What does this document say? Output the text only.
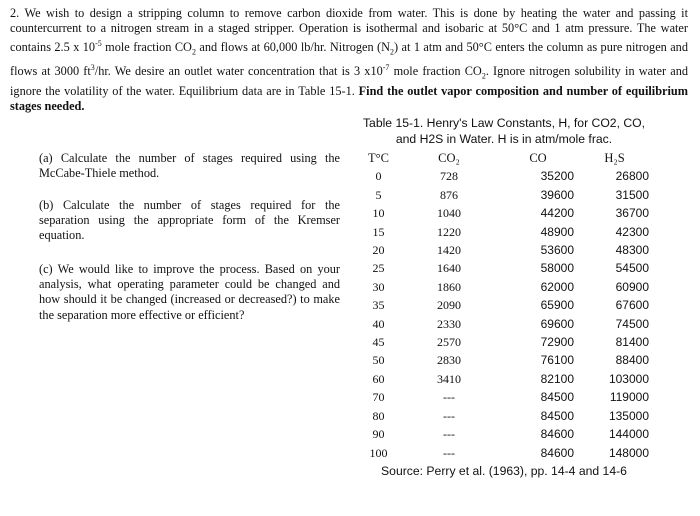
2. We wish to design a stripping column to remove carbon dioxide from water. This is done by heating the water and passing it countercurrent to a nitrogen stream in a staged stripper. Operation is isothermal and isobaric at 50°C and 1 atm pressure. The water contains 2.5 x $10^{-5}$ mole fraction $CO_2$ and flows at 60,000 lb/hr. Nitrogen $(N_2)$ at 1 atm and 50°C enters the column as pure nitrogen and flows at 3000 $ft^3/hr$. We desire an outlet water concentration that is 3 $x10^{-7}$ mole fraction $CO_2$. Ignore nitrogen solubility in water and ignore the volatility of the water. Equilibrium data are in Table 15-1. Find the outlet vapor composition and number of equilibrium stages needed.
(a) Calculate the number of stages required using the McCabe-Thiele method.
(b) Calculate the number of stages required for the separation using the appropriate form of the Kremser equation.
(c) We would like to improve the process. Based on your analysis, what operating parameter could be changed and how should it be changed (increased or decreased?) to make the separation more effective or efficient?
Table 15-1. Henry's Law Constants, H, for CO2, CO,
and H2S in Water. H is in atm/mole frac.
T°C	CO₂	CO	H₂S
0	728	35200	26800
5	876	39600	31500
10	1040	44200	36700
15	1220	48900	42300
20	1420	53600	48300
25	1640	58000	54500
30	1860	62000	60900
35	2090	65900	67600
40	2330	69600	74500
45	2570	72900	81400
50	2830	76100	88400
60	3410	82100	103000
70	---	84500	119000
80	---	84500	135000
90	---	84600	144000
100	---	84600	148000
Source: Perry et al. (1963), pp. 14-4 and 14-6
